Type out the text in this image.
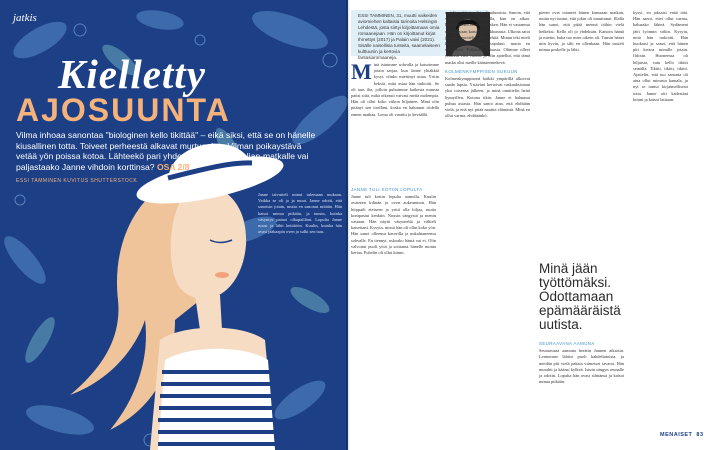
jatkis
Kielletty
AJOSUUNTA
Vilma inhoaa sanontaa "biologinen kello tikittää" – eikä siksi, että se on hänelle kiusallinen totta. Toiveet perheestä alkavat murtua, kun Vilman poikaystävä vetää yön poissa kotoa. Lähteekö pari yhdessä odotetulle Italian-matkalle vai paljastaako Janne vihdoin korttinsa? OSA 2/8
ESSI TAMMINEN KUVITUS SHUTTERSTOCK
Janne taivutteli minut tulemaan mukaan. Vaikka se oli jo ja muut. Janne odotti, että sanoisin jotain, mutta en sanonut mitään. Hän katsoi minua pitkään, ja tunsin, kuinka väsymys painoi olkapäilläni. Lopulta Janne nousi ja lähti keittiöön. Kuulin, kuinka hän avasi jääkaapin oven ja sulki sen taas.
ESSI TAMMINEN, 31, muutti vaikeiden aviomiehen kaltaisia tarinoita Helsingin Lehdestä, josta siirtyi kirjoittamaan omia romaanejaan. Hän on kirjoittanut kirjat Ihmettys (2017) ja Palain vaivi (2021). Sisälle naisellisia tunteita, saamelaiseen kulttuuriin ja kertovia fantasiaromaaneja.
M inä istuimme sohvalla ja katsoimme jotain sarjaa, kun Janne yhtäkkiä kysyi, olinko miettinyt asiaa. Yritin keksiä, mitä asiaa hän tarkoitti. Se oli taas ilta, jolloin puhuimme kaikesta muusta paitsi siitä, mikä oikeasti vaivasi meitä molempia. Hän oli ollut koko viikon hiljainen. Minä olin pitänyt sen itselläni, koska en halunnut riidellä ennen matkaa. Loma oli varattu jo keväällä.
JANNE TULI KOTIIN LOPULTA
Janne tuli kotiin lopulta aamulla. Kuulin avainten kilinän ja oven aukeamisen. Hän hiippaili eteiseen ja yritti olla hiljaa, mutta kompastui kenkiin. Nousin sängystä ja menin vastaan. Hän näytti väsyneeltä ja vältteli katsettani. Kysyin, missä hän oli ollut koko yön. Hän sanoi olleensa kaverilla ja nukahtaneensa sohvalle. En tiennyt, uskoako häntä vai ei. Olin valvonut puoli yötä ja soittanut hänelle monta kertaa. Puhelin oli ollut kiinni.
meidän pitäisi vaihtaa kuulumisia. Sanoin, että voimme puhua matkalla, kun on aikaa. Pakkaaminen oli vielä kesken. Hän ei vastannut mitään, vaan katsoi ulos ikkunasta. Ulkona satoi ja tuuli riepotteli puiden lehtiä. Minun teki mieli kysyä, mitä oikein tapahtui, mutta en uskaltanut. Pelkäsin vastausta. Olimme olleet yhdessä viisi vuotta, ja olin ajatellut, että tämä matka olisi meille käänteentekevä.
KOLMENKYMPPISEN SUKUUN
Kolmenkymppisenä kaikki ympärillä alkoivat saada lapsia. Ystäväni kertoivat raskauksistaan yksi toisensa jälkeen, ja minä onnittelin heitä hymyillen. Kotona itkin. Janne ei halunnut puhua asiasta. Hän sanoi aina, että ehditään vielä, ja että nyt pitää nauttia elämästä. Minä en ollut varma, ehditäänkö.
pienet ovat ottaneet hänen kanssaan matkan, mutta nyt tuntui, että jokin oli muuttunut. Illalla hän sanoi, että pitää mennä töihin vielä hetkeksi. Kello oli jo yhdeksän. Katsoin häntä ja mietin, kuka tuo mies oikein oli. Tunsin hänet niin hyvin, ja silti en ollenkaan. Hän suuteli minua poskelle ja lähti.
Minä jään työttömäksi. Odottamaan epämääräistä uutista.
SEURAAVANA AAMUNA
Seuraavana aamuna herätin Jannen aikaisin. Lentomme lähtisi puoli kahdeltatoista, ja meidän piti vielä pakata viimeiset tavarat. Hän murahti ja käänsi kylkeä. Istuin sängyn reunalle ja odotin. Lopulta hän avasi silmänsä ja katsoi minua pitkään.
kysyi, en jaksaisi enää tätä. Hän sanoi, ettei ollut varma, haluaako lähteä. Sydämeni jätti lyönnin väliin. Kysyin, mitä hän tarkoitti. Hän huokaisi ja sanoi, että hänen piti kertoa minulle jotain. Odotin. Huoneessa oli hiljaista, vain kello tikitti seinällä. Tikitti, tikitti, tikitti. Ajattelin, että tuo sanonta oli aina ollut minusta kamala, ja nyt se tuntui kirjaimellisesti totta. Janne otti kädestäni kiinni ja katsoi lattiaan.
MENAISET 83
